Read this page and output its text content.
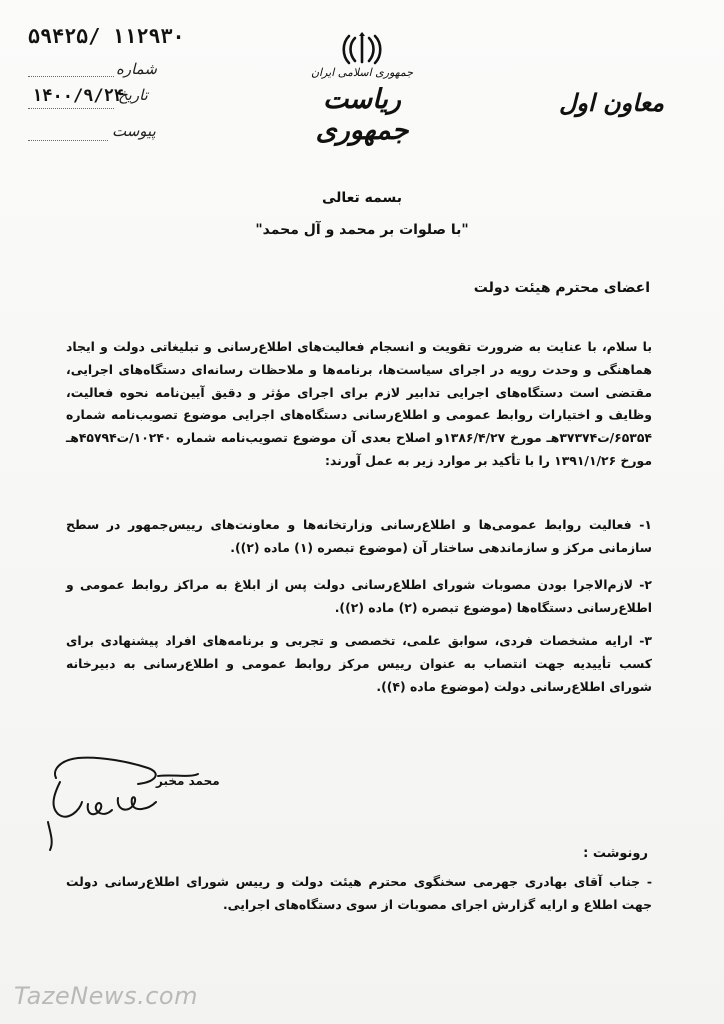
۵۹۴۲۵/ ۱۱۲۹۳۰
شماره
تاریخ
۱۴۰۰/۹/۲۴
پیوست
جمهوری اسلامی ایران
ریاست جمهوری
معاون اول
بسمه تعالی
"با صلوات بر محمد و آل محمد"
اعضای محترم هیئت دولت
با سلام، با عنایت به ضرورت تقویت و انسجام فعالیت‌های اطلاع‌رسانی و تبلیغاتی دولت و ایجاد هماهنگی و وحدت رویه در اجرای سیاست‌ها، برنامه‌ها و ملاحظات رسانه‌ای دستگاه‌های اجرایی، مقتضی است دستگاه‌های اجرایی تدابیر لازم برای اجرای مؤثر و دقیق آیین‌نامه نحوه فعالیت، وظایف و اختیارات روابط عمومی و اطلاع‌رسانی دستگاه‌های اجرایی موضوع تصویب‌نامه شماره ۶۵۳۵۴/ت۳۷۳۷۴هـ مورخ ۱۳۸۶/۴/۲۷و اصلاح بعدی آن موضوع تصویب‌نامه شماره ۱۰۲۴۰/ت۴۵۷۹۴هـ مورخ ۱۳۹۱/۱/۲۶ را با تأکید بر موارد زیر به عمل آورند:
۱- فعالیت روابط عمومی‌ها و اطلاع‌رسانی وزارتخانه‌ها و معاونت‌های رییس‌جمهور در سطح سازمانی مرکز و سازماندهی ساختار آن (موضوع تبصره (۱) ماده (۲)).
۲- لازم‌الاجرا بودن مصوبات شورای اطلاع‌رسانی دولت پس از ابلاغ به مراکز روابط عمومی و اطلاع‌رسانی دستگاه‌ها (موضوع تبصره (۲) ماده (۲)).
۳- ارایه مشخصات فردی، سوابق علمی، تخصصی و تجربی و برنامه‌های افراد پیشنهادی برای کسب تأییدیه جهت انتصاب به عنوان رییس مرکز روابط عمومی و اطلاع‌رسانی به دبیرخانه شورای اطلاع‌رسانی دولت (موضوع ماده (۴)).
محمد مخبر
رونوشت :
- جناب آقای بهادری جهرمی سخنگوی محترم هیئت دولت و رییس شورای اطلاع‌رسانی دولت جهت اطلاع و ارایه گزارش اجرای مصوبات از سوی دستگاه‌های اجرایی.
TazeNews.com
